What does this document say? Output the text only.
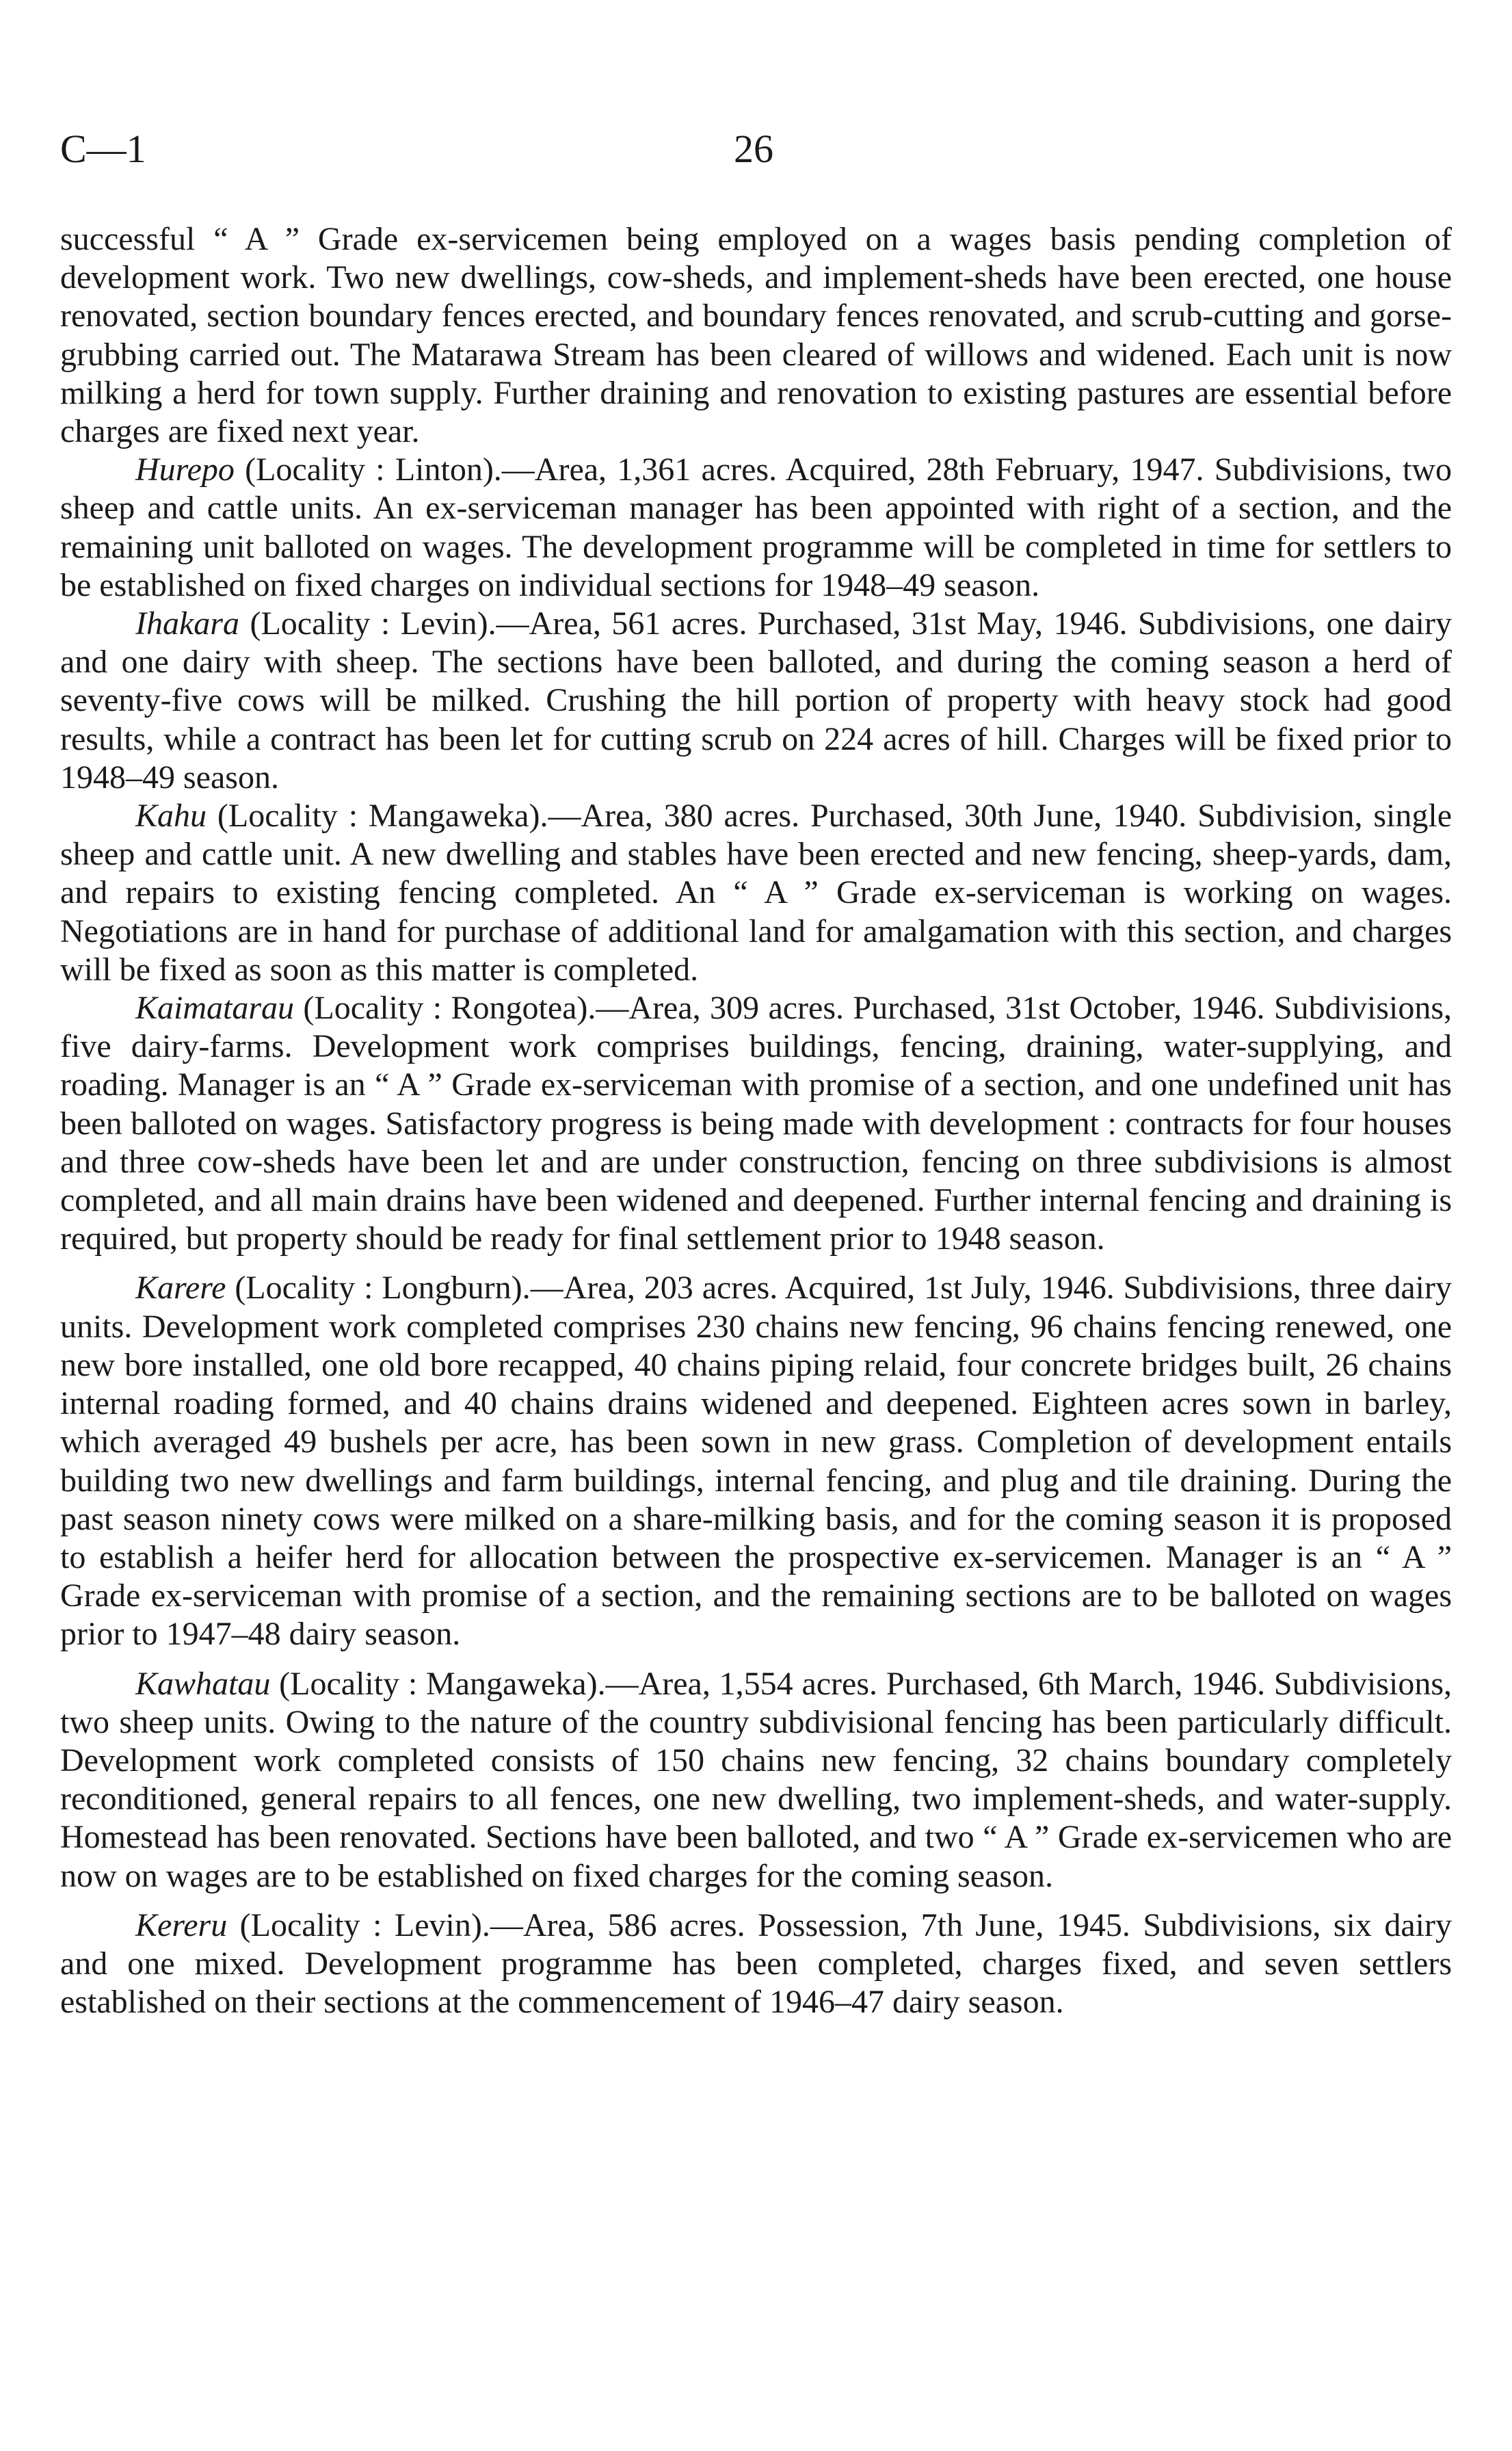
C—1	26

successful “ A ” Grade ex-servicemen being employed on a wages basis pending completion of development work. Two new dwellings, cow-sheds, and implement-sheds have been erected, one house renovated, section boundary fences erected, and boundary fences renovated, and scrub-cutting and gorse-grubbing carried out. The Matarawa Stream has been cleared of willows and widened. Each unit is now milking a herd for town supply. Further draining and renovation to existing pastures are essential before charges are fixed next year.

Hurepo (Locality : Linton).—Area, 1,361 acres. Acquired, 28th February, 1947. Subdivisions, two sheep and cattle units. An ex-serviceman manager has been appointed with right of a section, and the remaining unit balloted on wages. The development programme will be completed in time for settlers to be established on fixed charges on individual sections for 1948–49 season.

Ihakara (Locality : Levin).—Area, 561 acres. Purchased, 31st May, 1946. Subdivisions, one dairy and one dairy with sheep. The sections have been balloted, and during the coming season a herd of seventy-five cows will be milked. Crushing the hill portion of property with heavy stock had good results, while a contract has been let for cutting scrub on 224 acres of hill. Charges will be fixed prior to 1948–49 season.

Kahu (Locality : Mangaweka).—Area, 380 acres. Purchased, 30th June, 1940. Subdivision, single sheep and cattle unit. A new dwelling and stables have been erected and new fencing, sheep-yards, dam, and repairs to existing fencing completed. An “ A ” Grade ex-serviceman is working on wages. Negotiations are in hand for purchase of additional land for amalgamation with this section, and charges will be fixed as soon as this matter is completed.

Kaimatarau (Locality : Rongotea).—Area, 309 acres. Purchased, 31st October, 1946. Subdivisions, five dairy-farms. Development work comprises buildings, fencing, draining, water-supplying, and roading. Manager is an “ A ” Grade ex-serviceman with promise of a section, and one undefined unit has been balloted on wages. Satisfactory progress is being made with development : contracts for four houses and three cow-sheds have been let and are under construction, fencing on three subdivisions is almost completed, and all main drains have been widened and deepened. Further internal fencing and draining is required, but property should be ready for final settlement prior to 1948 season.

Karere (Locality : Longburn).—Area, 203 acres. Acquired, 1st July, 1946. Subdivisions, three dairy units. Development work completed comprises 230 chains new fencing, 96 chains fencing renewed, one new bore installed, one old bore recapped, 40 chains piping relaid, four concrete bridges built, 26 chains internal roading formed, and 40 chains drains widened and deepened. Eighteen acres sown in barley, which averaged 49 bushels per acre, has been sown in new grass. Completion of development entails building two new dwellings and farm buildings, internal fencing, and plug and tile draining. During the past season ninety cows were milked on a share-milking basis, and for the coming season it is proposed to establish a heifer herd for allocation between the prospective ex-servicemen. Manager is an “ A ” Grade ex-serviceman with promise of a section, and the remaining sections are to be balloted on wages prior to 1947–48 dairy season.

Kawhatau (Locality : Mangaweka).—Area, 1,554 acres. Purchased, 6th March, 1946. Subdivisions, two sheep units. Owing to the nature of the country subdivisional fencing has been particularly difficult. Development work completed consists of 150 chains new fencing, 32 chains boundary completely reconditioned, general repairs to all fences, one new dwelling, two implement-sheds, and water-supply. Homestead has been renovated. Sections have been balloted, and two “ A ” Grade ex-servicemen who are now on wages are to be established on fixed charges for the coming season.

Kereru (Locality : Levin).—Area, 586 acres. Possession, 7th June, 1945. Subdivisions, six dairy and one mixed. Development programme has been completed, charges fixed, and seven settlers established on their sections at the commencement of 1946–47 dairy season.
